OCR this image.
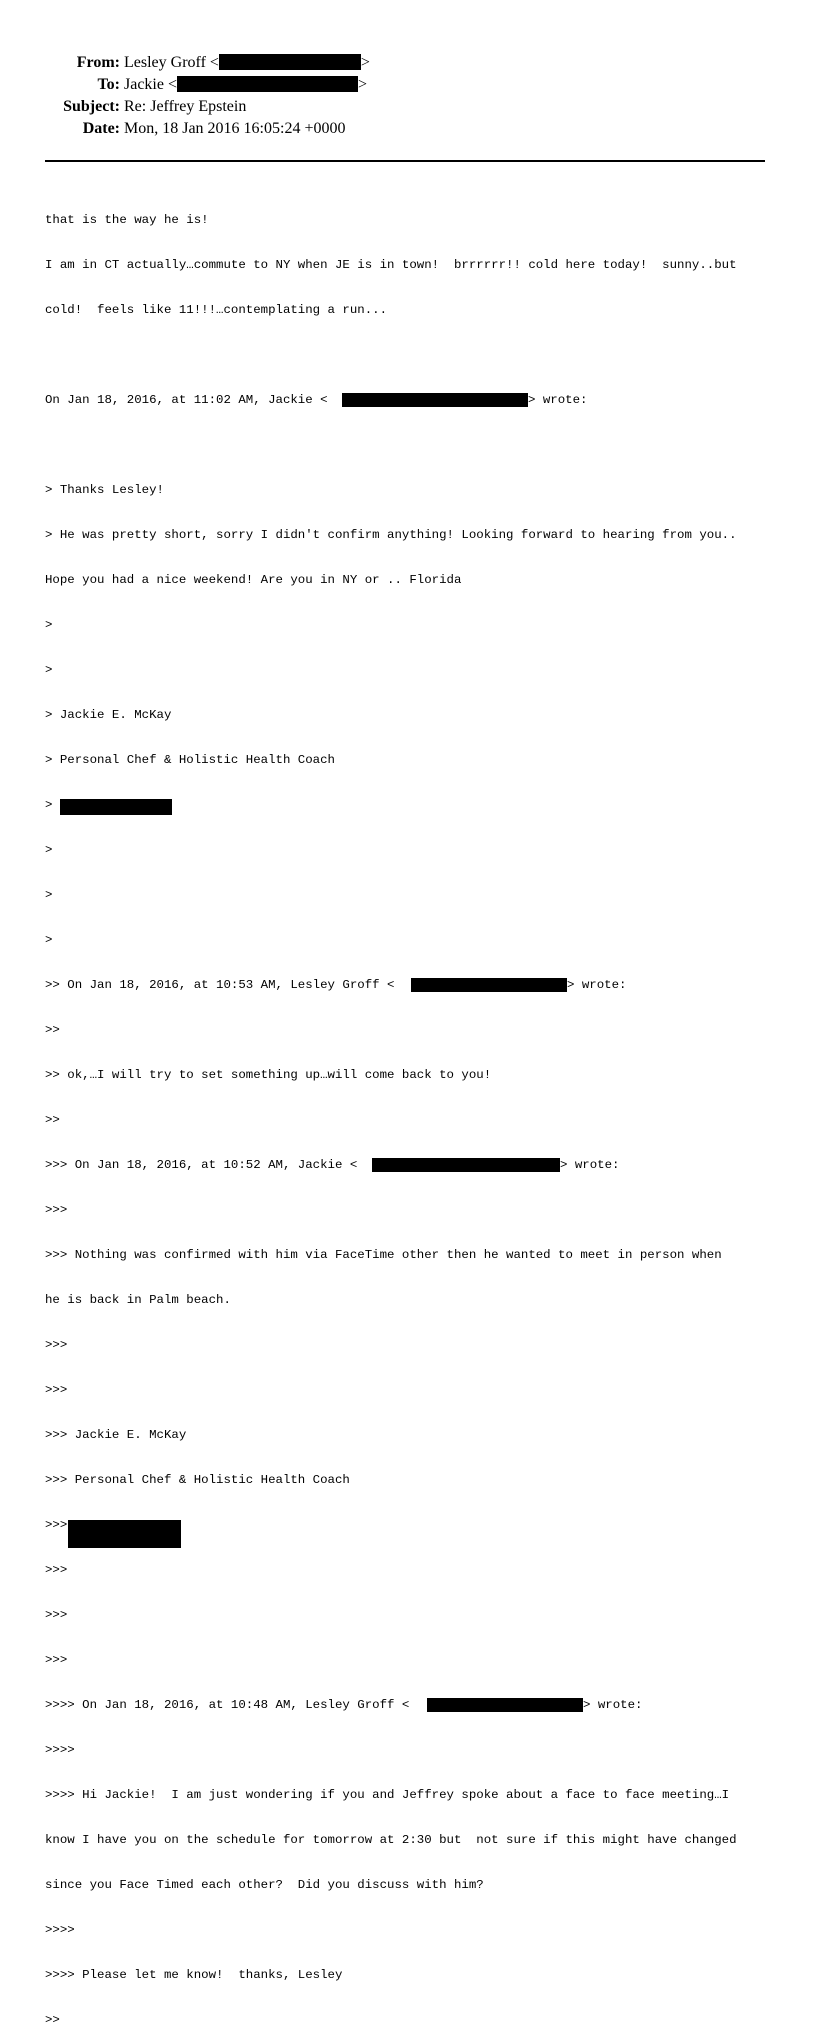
From: Lesley Groff <	>
To: Jackie <	>
Subject: Re: Jeffrey Epstein
Date: Mon, 18 Jan 2016 16:05:24 +0000

that is the way he is!

I am in CT actually…commute to NY when JE is in town!  brrrrrr!! cold here today!  sunny..but

cold!  feels like 11!!!…contemplating a run...

On Jan 18, 2016, at 11:02 AM, Jackie <	> wrote:

> Thanks Lesley!

> He was pretty short, sorry I didn't confirm anything! Looking forward to hearing from you..

Hope you had a nice weekend! Are you in NY or .. Florida

>

>

> Jackie E. McKay

> Personal Chef & Holistic Health Coach

>

>

>

>

>> On Jan 18, 2016, at 10:53 AM, Lesley Groff <	> wrote:

>>

>> ok,…I will try to set something up…will come back to you!

>>

>>> On Jan 18, 2016, at 10:52 AM, Jackie <	> wrote:

>>>

>>> Nothing was confirmed with him via FaceTime other then he wanted to meet in person when

he is back in Palm beach.

>>>

>>>

>>> Jackie E. McKay

>>> Personal Chef & Holistic Health Coach

>>>

>>>

>>>

>>>

>>>> On Jan 18, 2016, at 10:48 AM, Lesley Groff <	> wrote:

>>>>

>>>> Hi Jackie!  I am just wondering if you and Jeffrey spoke about a face to face meeting…I

know I have you on the schedule for tomorrow at 2:30 but  not sure if this might have changed

since you Face Timed each other?  Did you discuss with him?

>>>>

>>>> Please let me know!  thanks, Lesley

>>
